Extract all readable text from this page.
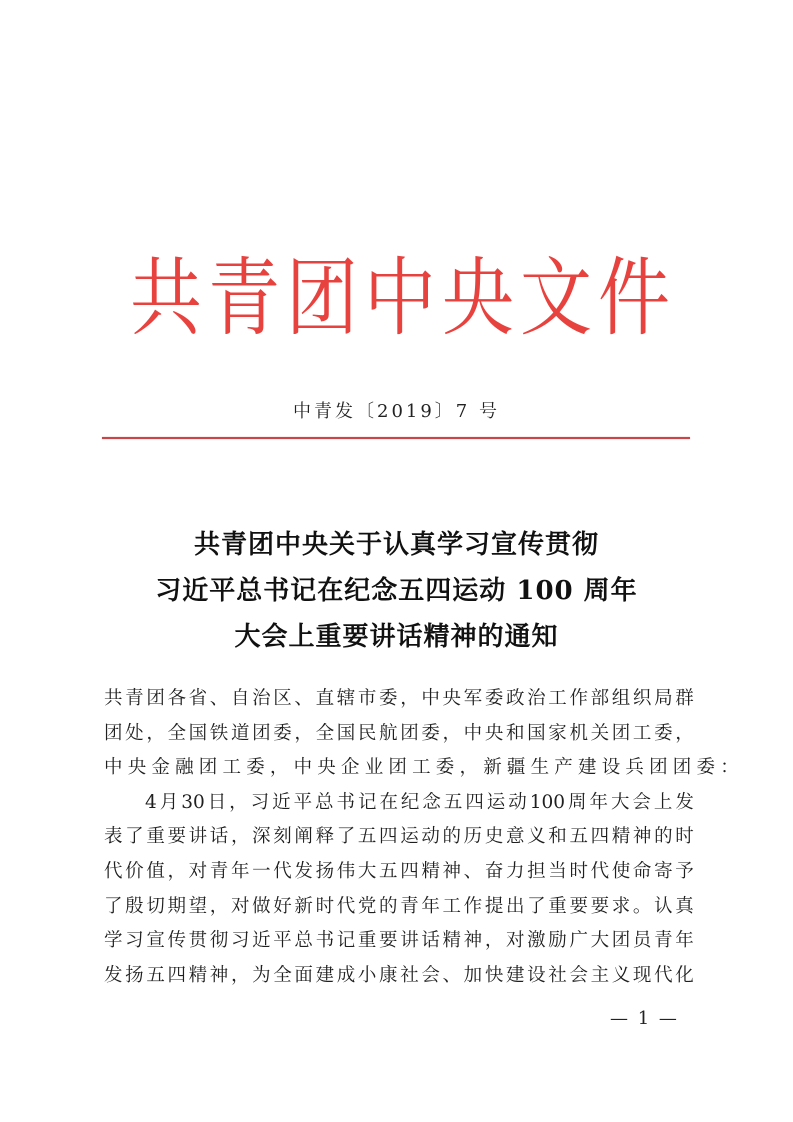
共 青 团 中 央 文 件
中青发〔2019〕7 号
共青团中央关于认真学习宣传贯彻
习近平总书记在纪念五四运动 100 周年
大会上重要讲话精神的通知
共 青 团 各 省 、 自 治 区 、 直 辖 市 委 ， 中 央 军 委 政 治 工 作 部 组 织 局 群
团 处 ， 全 国 铁 道 团 委 ， 全 国 民 航 团 委 ， 中 央 和 国 家 机 关 团 工 委 ，
中央金融团工委，中央企业团工委，新疆生产建设兵团团委：
4 月 30 日 ， 习 近 平 总 书 记 在 纪 念 五 四 运 动 100 周 年 大 会 上 发
表 了 重 要 讲 话 ， 深 刻 阐 释 了 五 四 运 动 的 历 史 意 义 和 五 四 精 神 的 时
代 价 值 ， 对 青 年 一 代 发 扬 伟 大 五 四 精 神 、 奋 力 担 当 时 代 使 命 寄 予
了 殷 切 期 望 ， 对 做 好 新 时 代 党 的 青 年 工 作 提 出 了 重 要 要 求 。 认 真
学 习 宣 传 贯 彻 习 近 平 总 书 记 重 要 讲 话 精 神 ， 对 激 励 广 大 团 员 青 年
发 扬 五 四 精 神 ， 为 全 面 建 成 小 康 社 会 、 加 快 建 设 社 会 主 义 现 代 化
— 1 —
